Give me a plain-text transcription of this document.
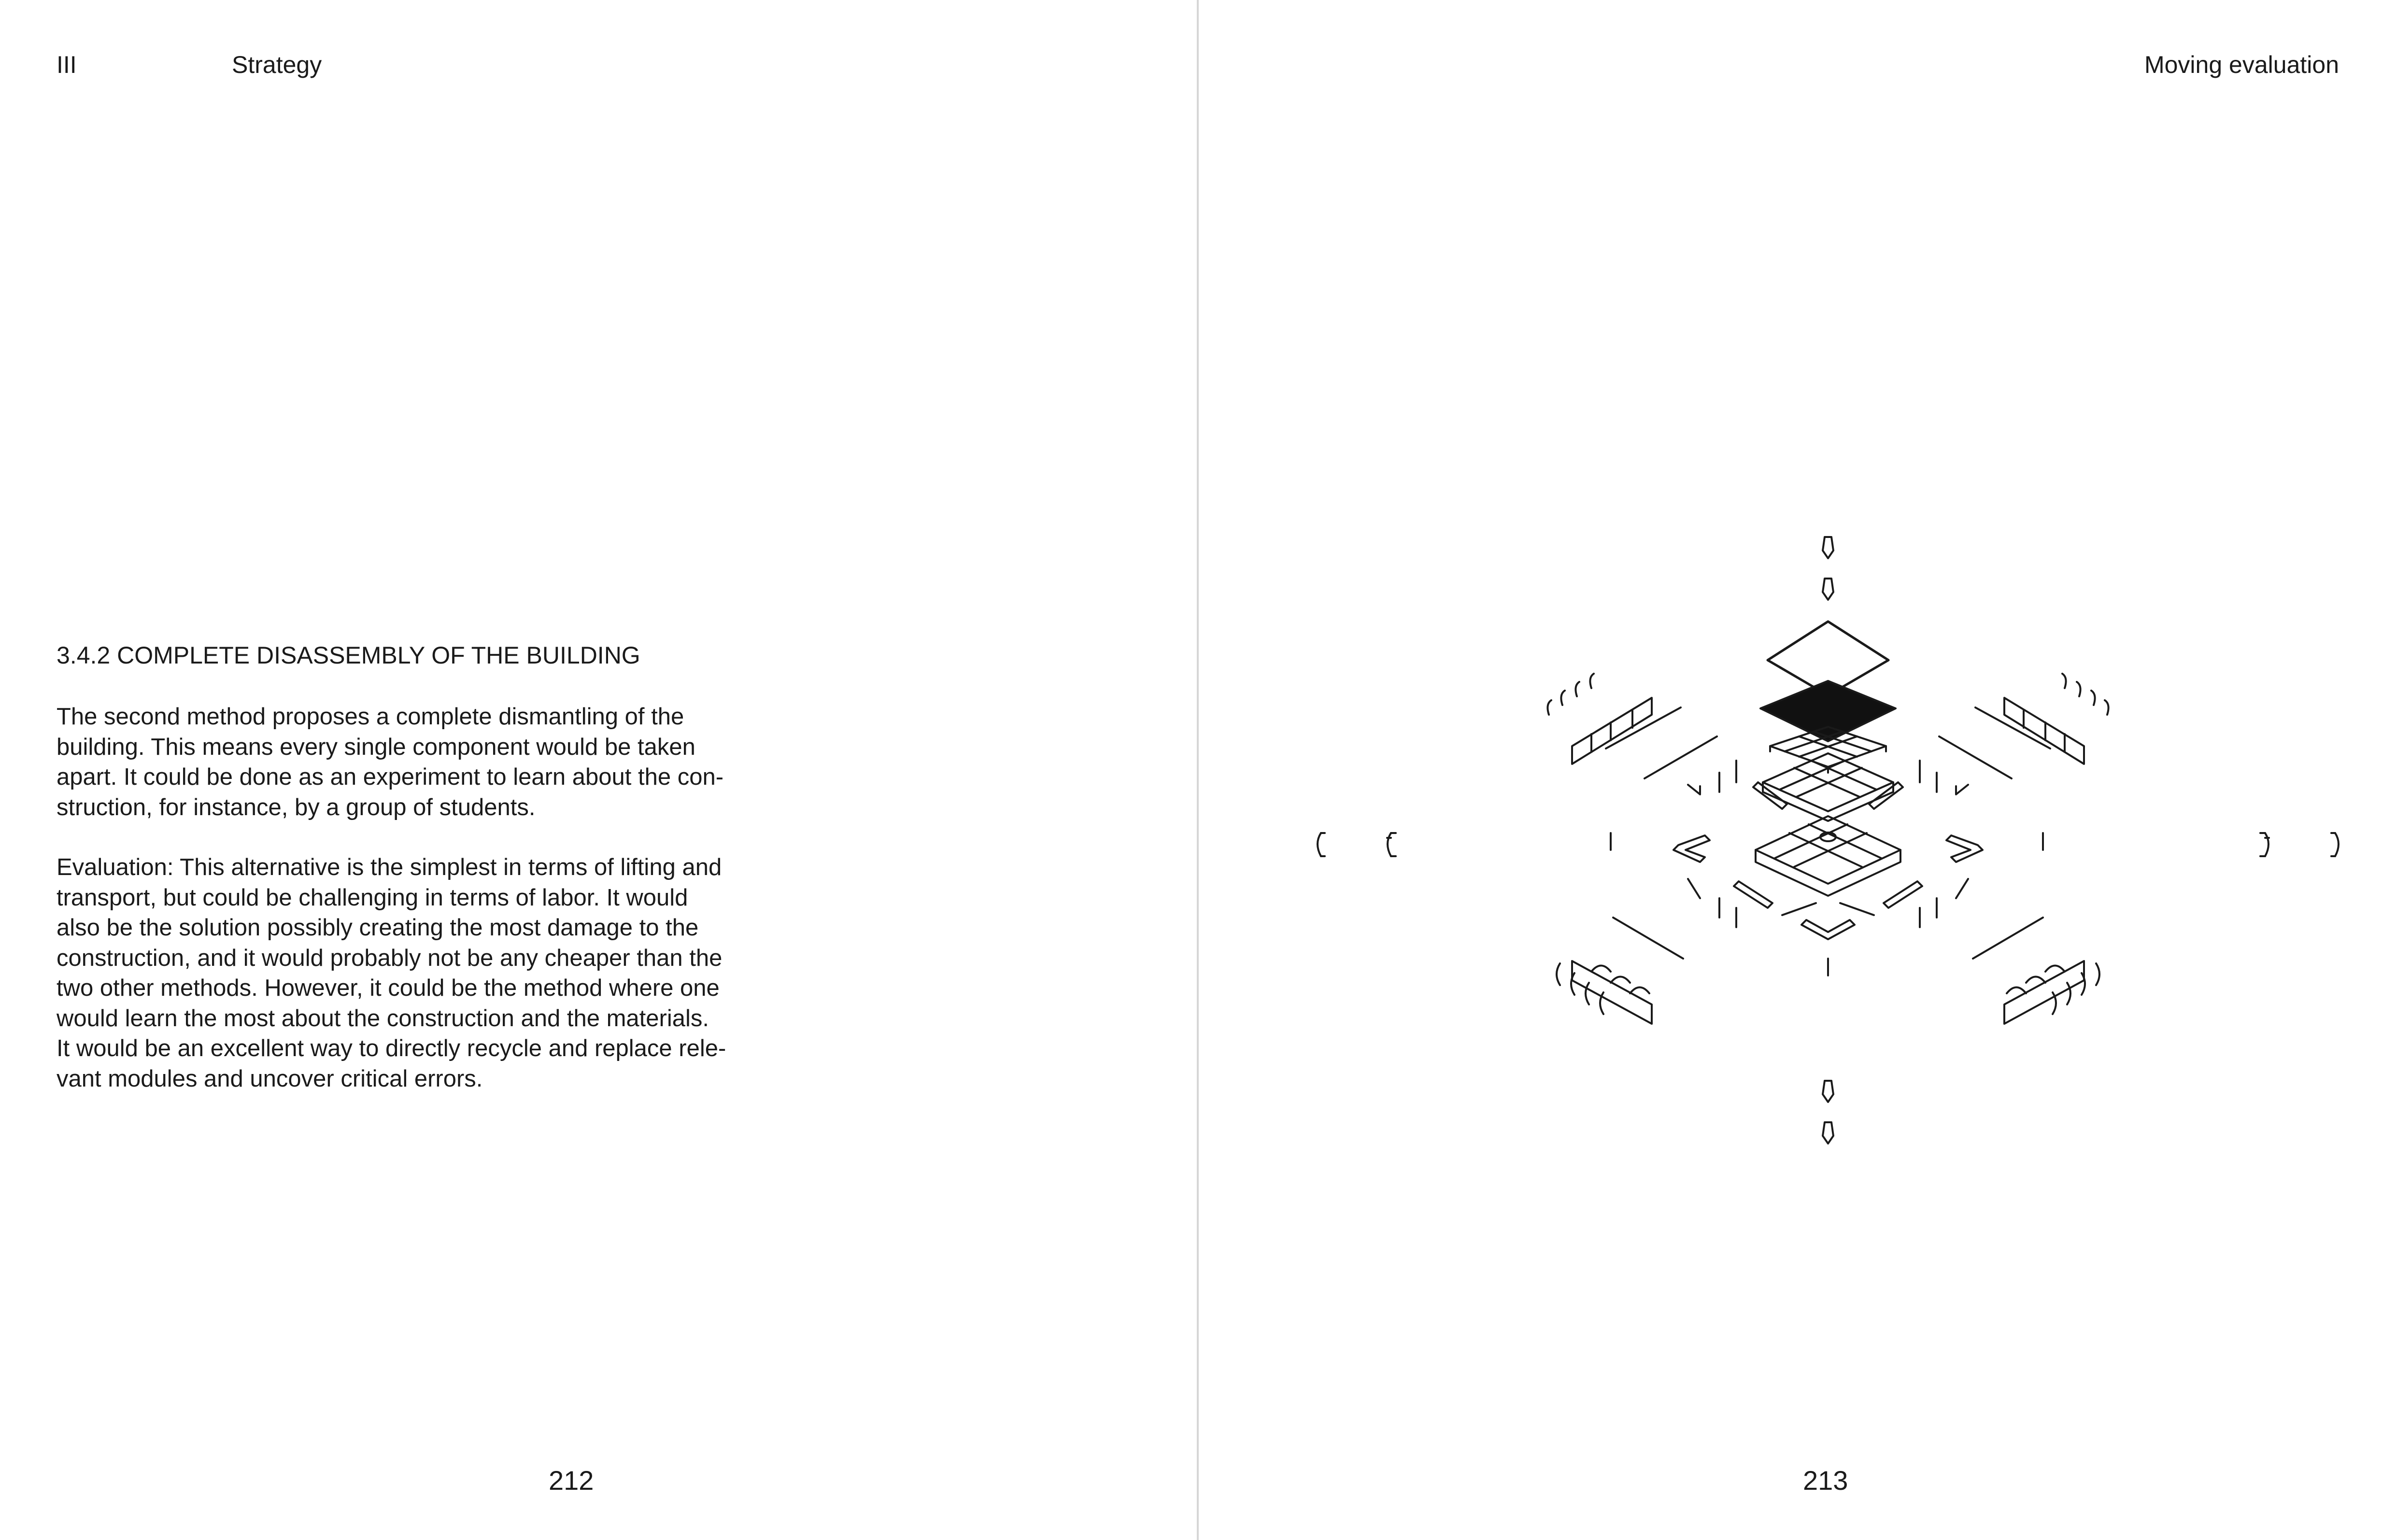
III	Strategy
3.4.2 COMPLETE DISASSEMBLY OF THE BUILDING

The second method proposes a complete dismantling of the
building. This means every single component would be taken
apart. It could be done as an experiment to learn about the con-
struction, for instance, by a group of students.

Evaluation: This alternative is the simplest in terms of lifting and
transport, but could be challenging in terms of labor. It would
also be the solution possibly creating the most damage to the
construction, and it would probably not be any cheaper than the
two other methods. However, it could be the method where one
would learn the most about the construction and the materials.
It would be an excellent way to directly recycle and replace rele-
vant modules and uncover critical errors.

212
Moving evaluation
213
